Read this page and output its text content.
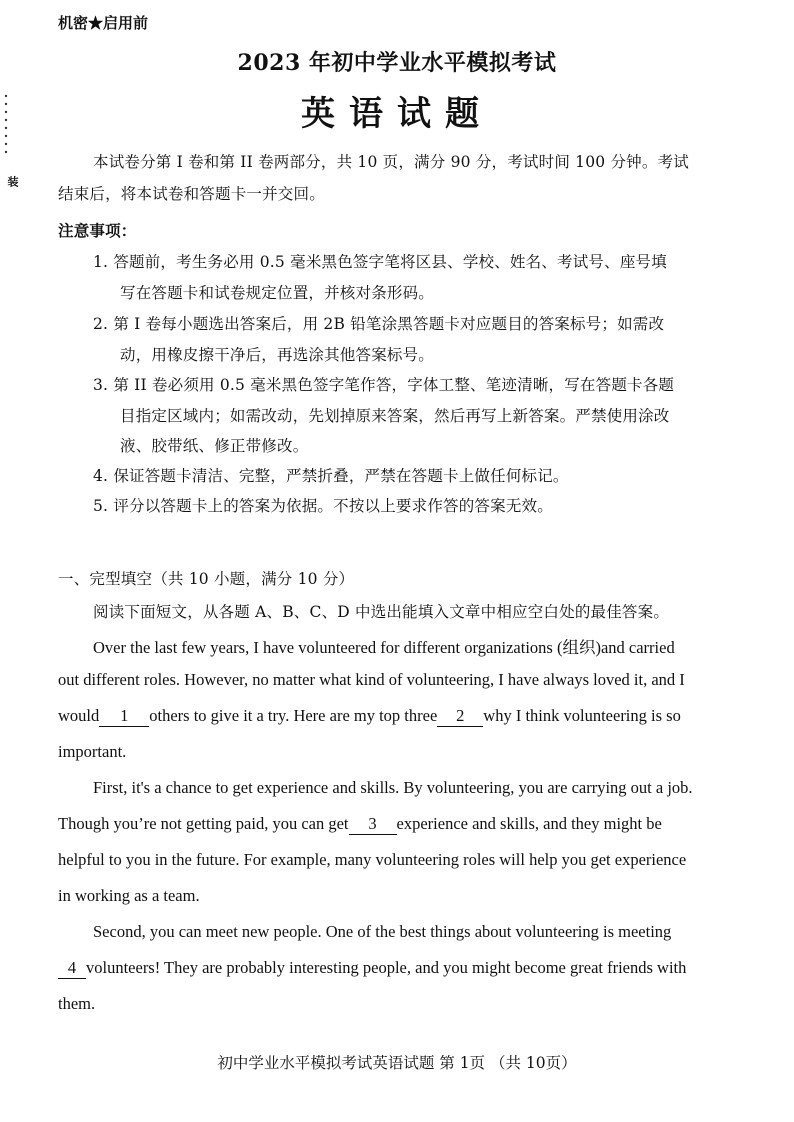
装
机密★启用前
2023 年初中学业水平模拟考试
英语试题
本试卷分第 I 卷和第 II 卷两部分，共 10 页，满分 90 分，考试时间 100 分钟。考试
结束后，将本试卷和答题卡一并交回。
注意事项：
1. 答题前，考生务必用 0.5 毫米黑色签字笔将区县、学校、姓名、考试号、座号填
写在答题卡和试卷规定位置，并核对条形码。
2. 第 I 卷每小题选出答案后，用 2B 铅笔涂黑答题卡对应题目的答案标号；如需改
动，用橡皮擦干净后，再选涂其他答案标号。
3. 第 II 卷必须用 0.5 毫米黑色签字笔作答，字体工整、笔迹清晰，写在答题卡各题
目指定区域内；如需改动，先划掉原来答案，然后再写上新答案。严禁使用涂改
液、胶带纸、修正带修改。
4. 保证答题卡清洁、完整，严禁折叠，严禁在答题卡上做任何标记。
5. 评分以答题卡上的答案为依据。不按以上要求作答的答案无效。
一、完型填空（共 10 小题，满分 10 分）
阅读下面短文，从各题 A、B、C、D 中选出能填入文章中相应空白处的最佳答案。
Over the last few years, I have volunteered for different organizations (组织)and carried
out different roles. However, no matter what kind of volunteering, I have always loved it, and I
would 1 others to give it a try. Here are my top three 2 why I think volunteering is so
important.
First, it's a chance to get experience and skills. By volunteering, you are carrying out a job.
Though you’re not getting paid, you can get 3 experience and skills, and they might be
helpful to you in the future. For example, many volunteering roles will help you get experience
in working as a team.
Second, you can meet new people. One of the best things about volunteering is meeting
4 volunteers! They are probably interesting people, and you might become great friends with
them.
初中学业水平模拟考试英语试题 第 1页 （共 10页）
